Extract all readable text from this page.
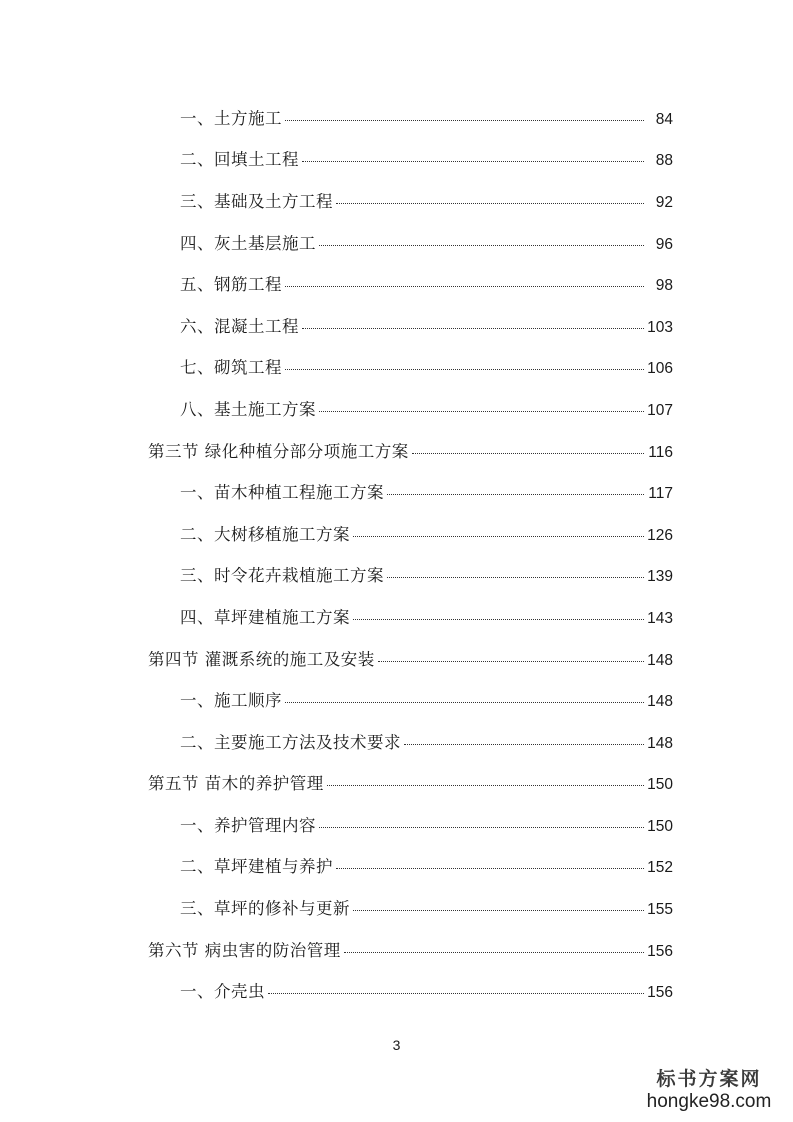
一、土方施工	84
二、回填土工程	88
三、基础及土方工程	92
四、灰土基层施工	96
五、钢筋工程	98
六、混凝土工程	103
七、砌筑工程	106
八、基土施工方案	107
第三节 绿化种植分部分项施工方案	116
一、苗木种植工程施工方案	117
二、大树移植施工方案	126
三、时令花卉栽植施工方案	139
四、草坪建植施工方案	143
第四节 灌溉系统的施工及安装	148
一、施工顺序	148
二、主要施工方法及技术要求	148
第五节 苗木的养护管理	150
一、养护管理内容	150
二、草坪建植与养护	152
三、草坪的修补与更新	155
第六节 病虫害的防治管理	156
一、介壳虫	156
3
标书方案网
hongke98.com
